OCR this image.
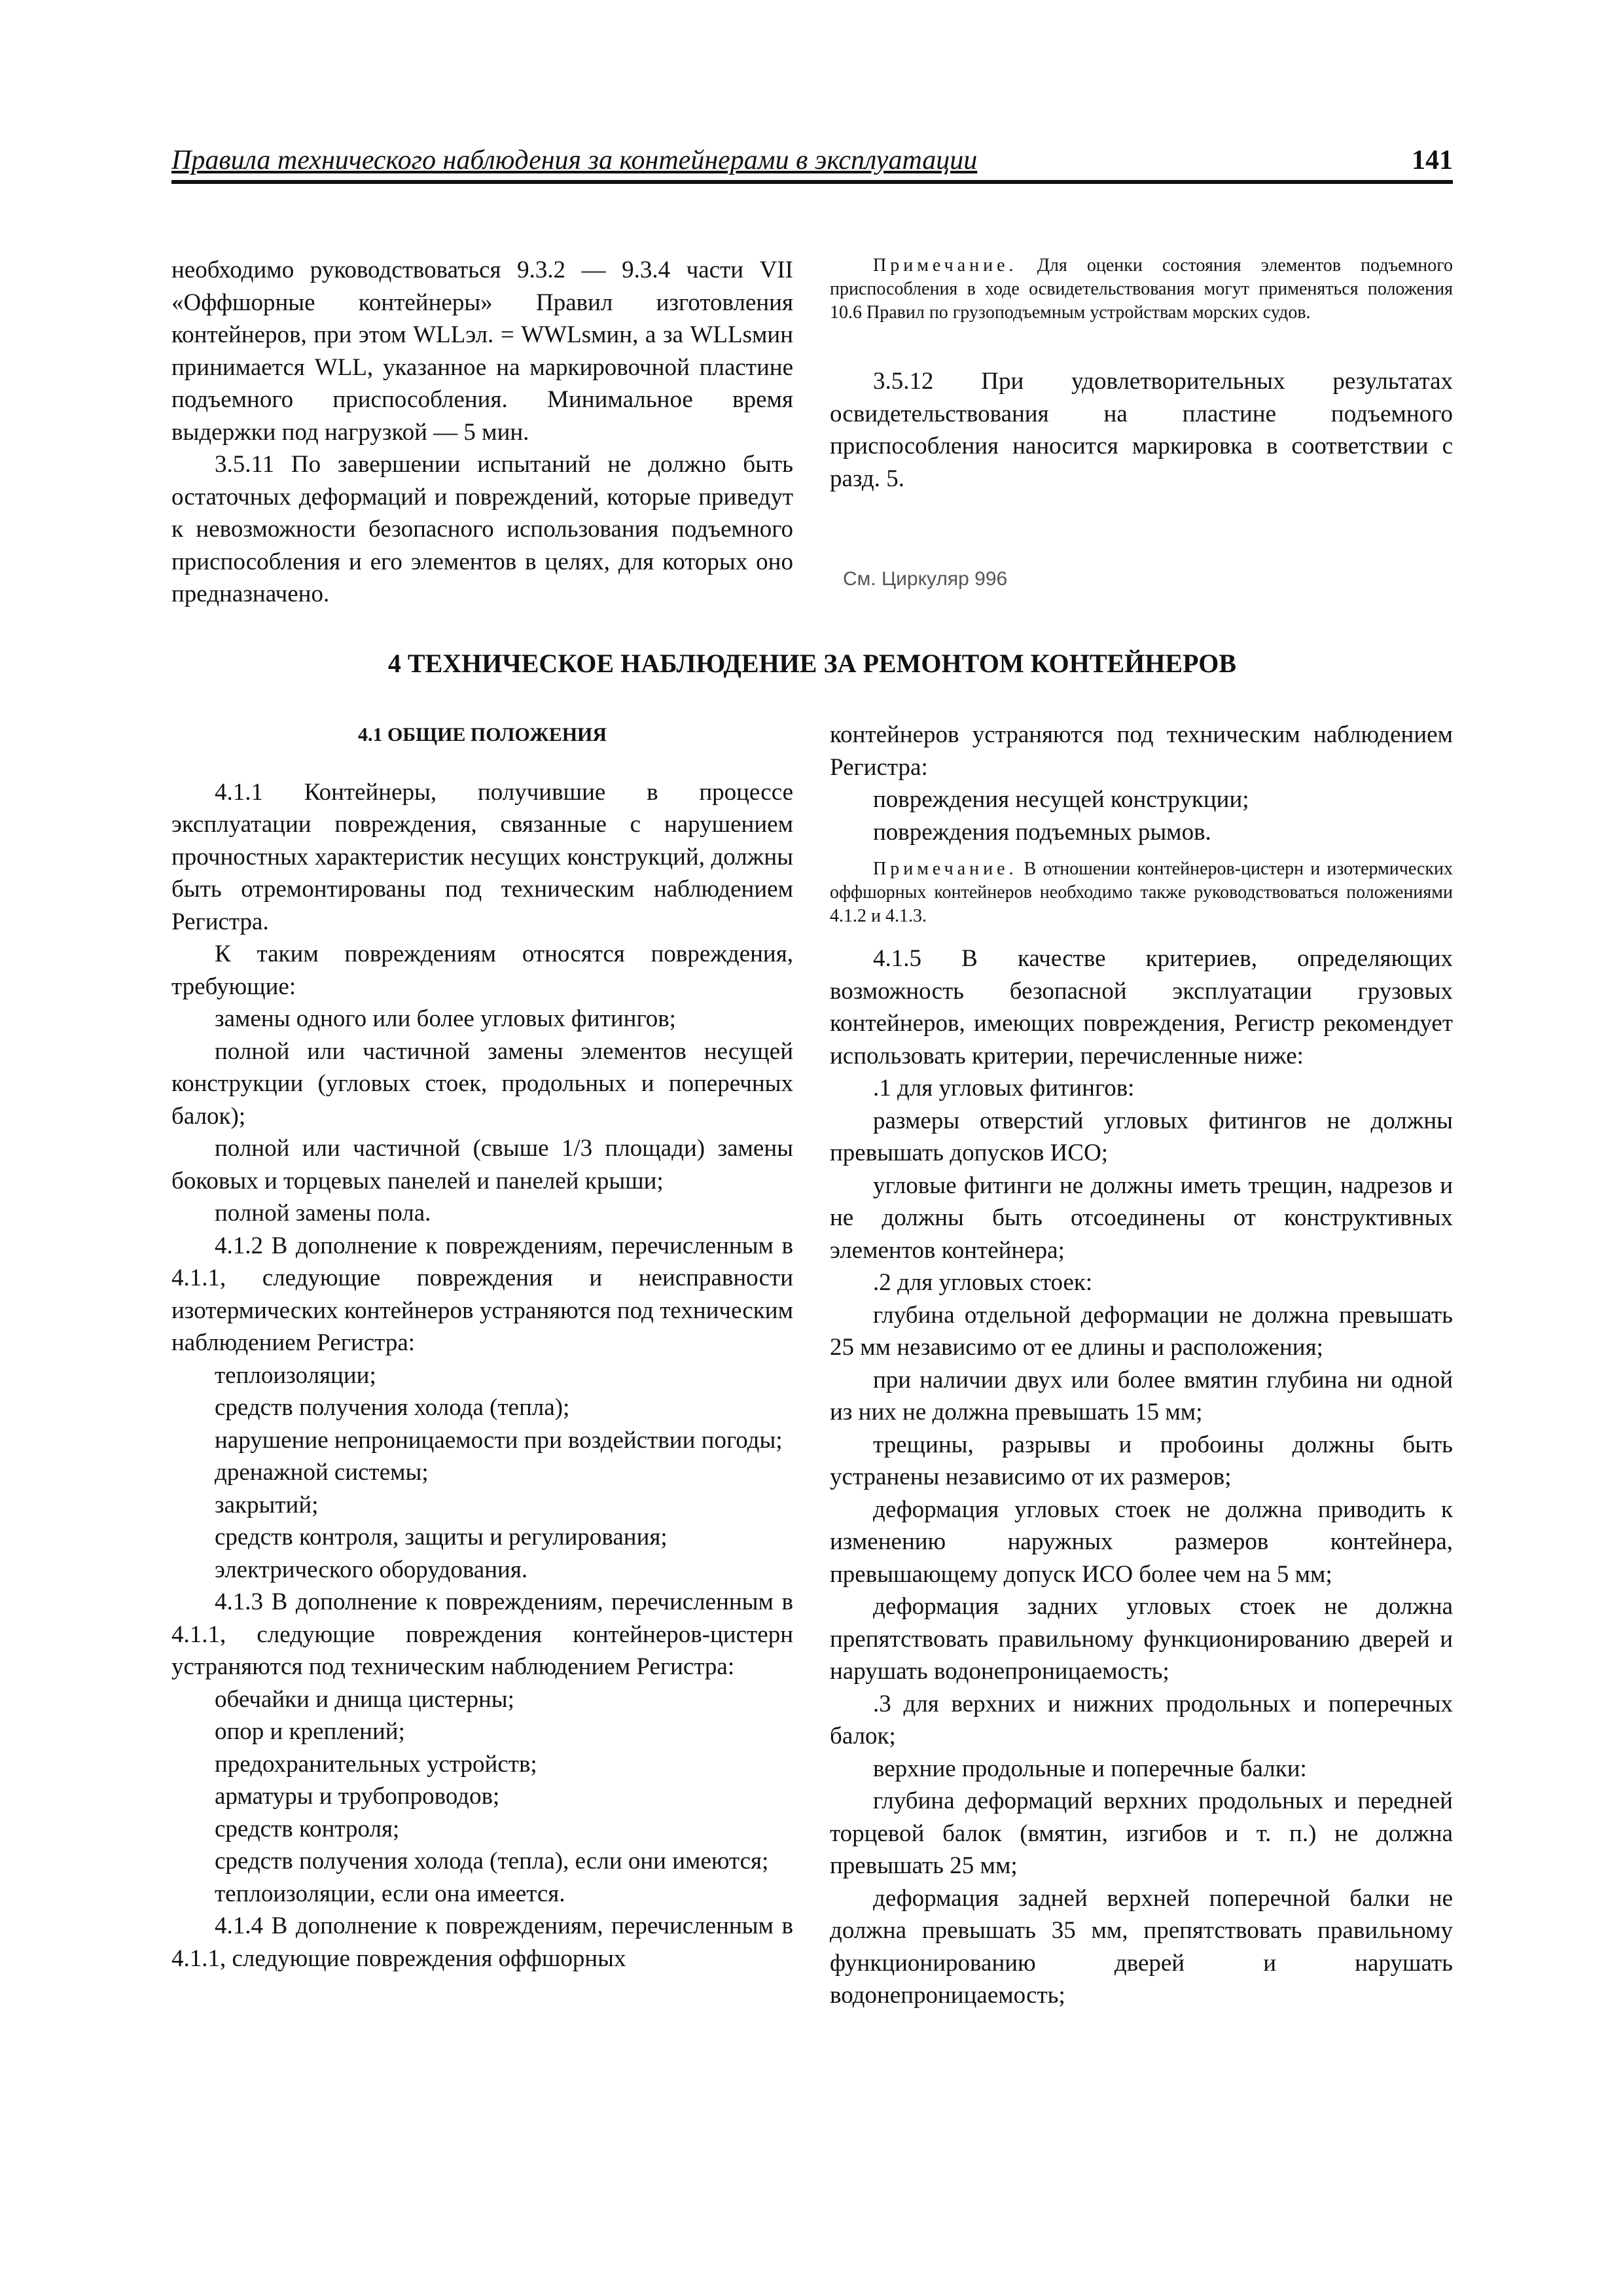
Правила технического наблюдения за контейнерами в эксплуатации	141

необходимо руководствоваться 9.3.2 — 9.3.4 части VII «Оффшорные контейнеры» Правил изготовления контейнеров, при этом WLLэл. = WWLsмин, а за WLLsмин принимается WLL, указанное на маркировочной пластине подъемного приспособления. Минимальное время выдержки под нагрузкой — 5 мин.

3.5.11 По завершении испытаний не должно быть остаточных деформаций и повреждений, которые приведут к невозможности безопасного использования подъемного приспособления и его элементов в целях, для которых оно предназначено.

Примечание. Для оценки состояния элементов подъемного приспособления в ходе освидетельствования могут применяться положения 10.6 Правил по грузоподъемным устройствам морских судов.

3.5.12 При удовлетворительных результатах освидетельствования на пластине подъемного приспособления наносится маркировка в соответствии с разд. 5.

См. Циркуляр 996
4 ТЕХНИЧЕСКОЕ НАБЛЮДЕНИЕ ЗА РЕМОНТОМ КОНТЕЙНЕРОВ

4.1 ОБЩИЕ ПОЛОЖЕНИЯ

4.1.1 Контейнеры, получившие в процессе эксплуатации повреждения, связанные с нарушением прочностных характеристик несущих конструкций, должны быть отремонтированы под техническим наблюдением Регистра.

К таким повреждениям относятся повреждения, требующие:

замены одного или более угловых фитингов;

полной или частичной замены элементов несущей конструкции (угловых стоек, продольных и поперечных балок);

полной или частичной (свыше 1/3 площади) замены боковых и торцевых панелей и панелей крыши;

полной замены пола.

4.1.2 В дополнение к повреждениям, перечисленным в 4.1.1, следующие повреждения и неисправности изотермических контейнеров устраняются под техническим наблюдением Регистра:

теплоизоляции;

средств получения холода (тепла);

нарушение непроницаемости при воздействии погоды;

дренажной системы;

закрытий;

средств контроля, защиты и регулирования;

электрического оборудования.

4.1.3 В дополнение к повреждениям, перечисленным в 4.1.1, следующие повреждения контейнеров-цистерн устраняются под техническим наблюдением Регистра:

обечайки и днища цистерны;

опор и креплений;

предохранительных устройств;

арматуры и трубопроводов;

средств контроля;

средств получения холода (тепла), если они имеются;

теплоизоляции, если она имеется.

4.1.4 В дополнение к повреждениям, перечисленным в 4.1.1, следующие повреждения оффшорных

контейнеров устраняются под техническим наблюдением Регистра:

повреждения несущей конструкции;

повреждения подъемных рымов.

Примечание. В отношении контейнеров-цистерн и изотермических оффшорных контейнеров необходимо также руководствоваться положениями 4.1.2 и 4.1.3.

4.1.5 В качестве критериев, определяющих возможность безопасной эксплуатации грузовых контейнеров, имеющих повреждения, Регистр рекомендует использовать критерии, перечисленные ниже:

.1 для угловых фитингов:

размеры отверстий угловых фитингов не должны превышать допусков ИСО;

угловые фитинги не должны иметь трещин, надрезов и не должны быть отсоединены от конструктивных элементов контейнера;

.2 для угловых стоек:

глубина отдельной деформации не должна превышать 25 мм независимо от ее длины и расположения;

при наличии двух или более вмятин глубина ни одной из них не должна превышать 15 мм;

трещины, разрывы и пробоины должны быть устранены независимо от их размеров;

деформация угловых стоек не должна приводить к изменению наружных размеров контейнера, превышающему допуск ИСО более чем на 5 мм;

деформация задних угловых стоек не должна препятствовать правильному функционированию дверей и нарушать водонепроницаемость;

.3 для верхних и нижних продольных и поперечных балок;

верхние продольные и поперечные балки:

глубина деформаций верхних продольных и передней торцевой балок (вмятин, изгибов и т. п.) не должна превышать 25 мм;

деформация задней верхней поперечной балки не должна превышать 35 мм, препятствовать правильному функционированию дверей и нарушать водонепроницаемость;
